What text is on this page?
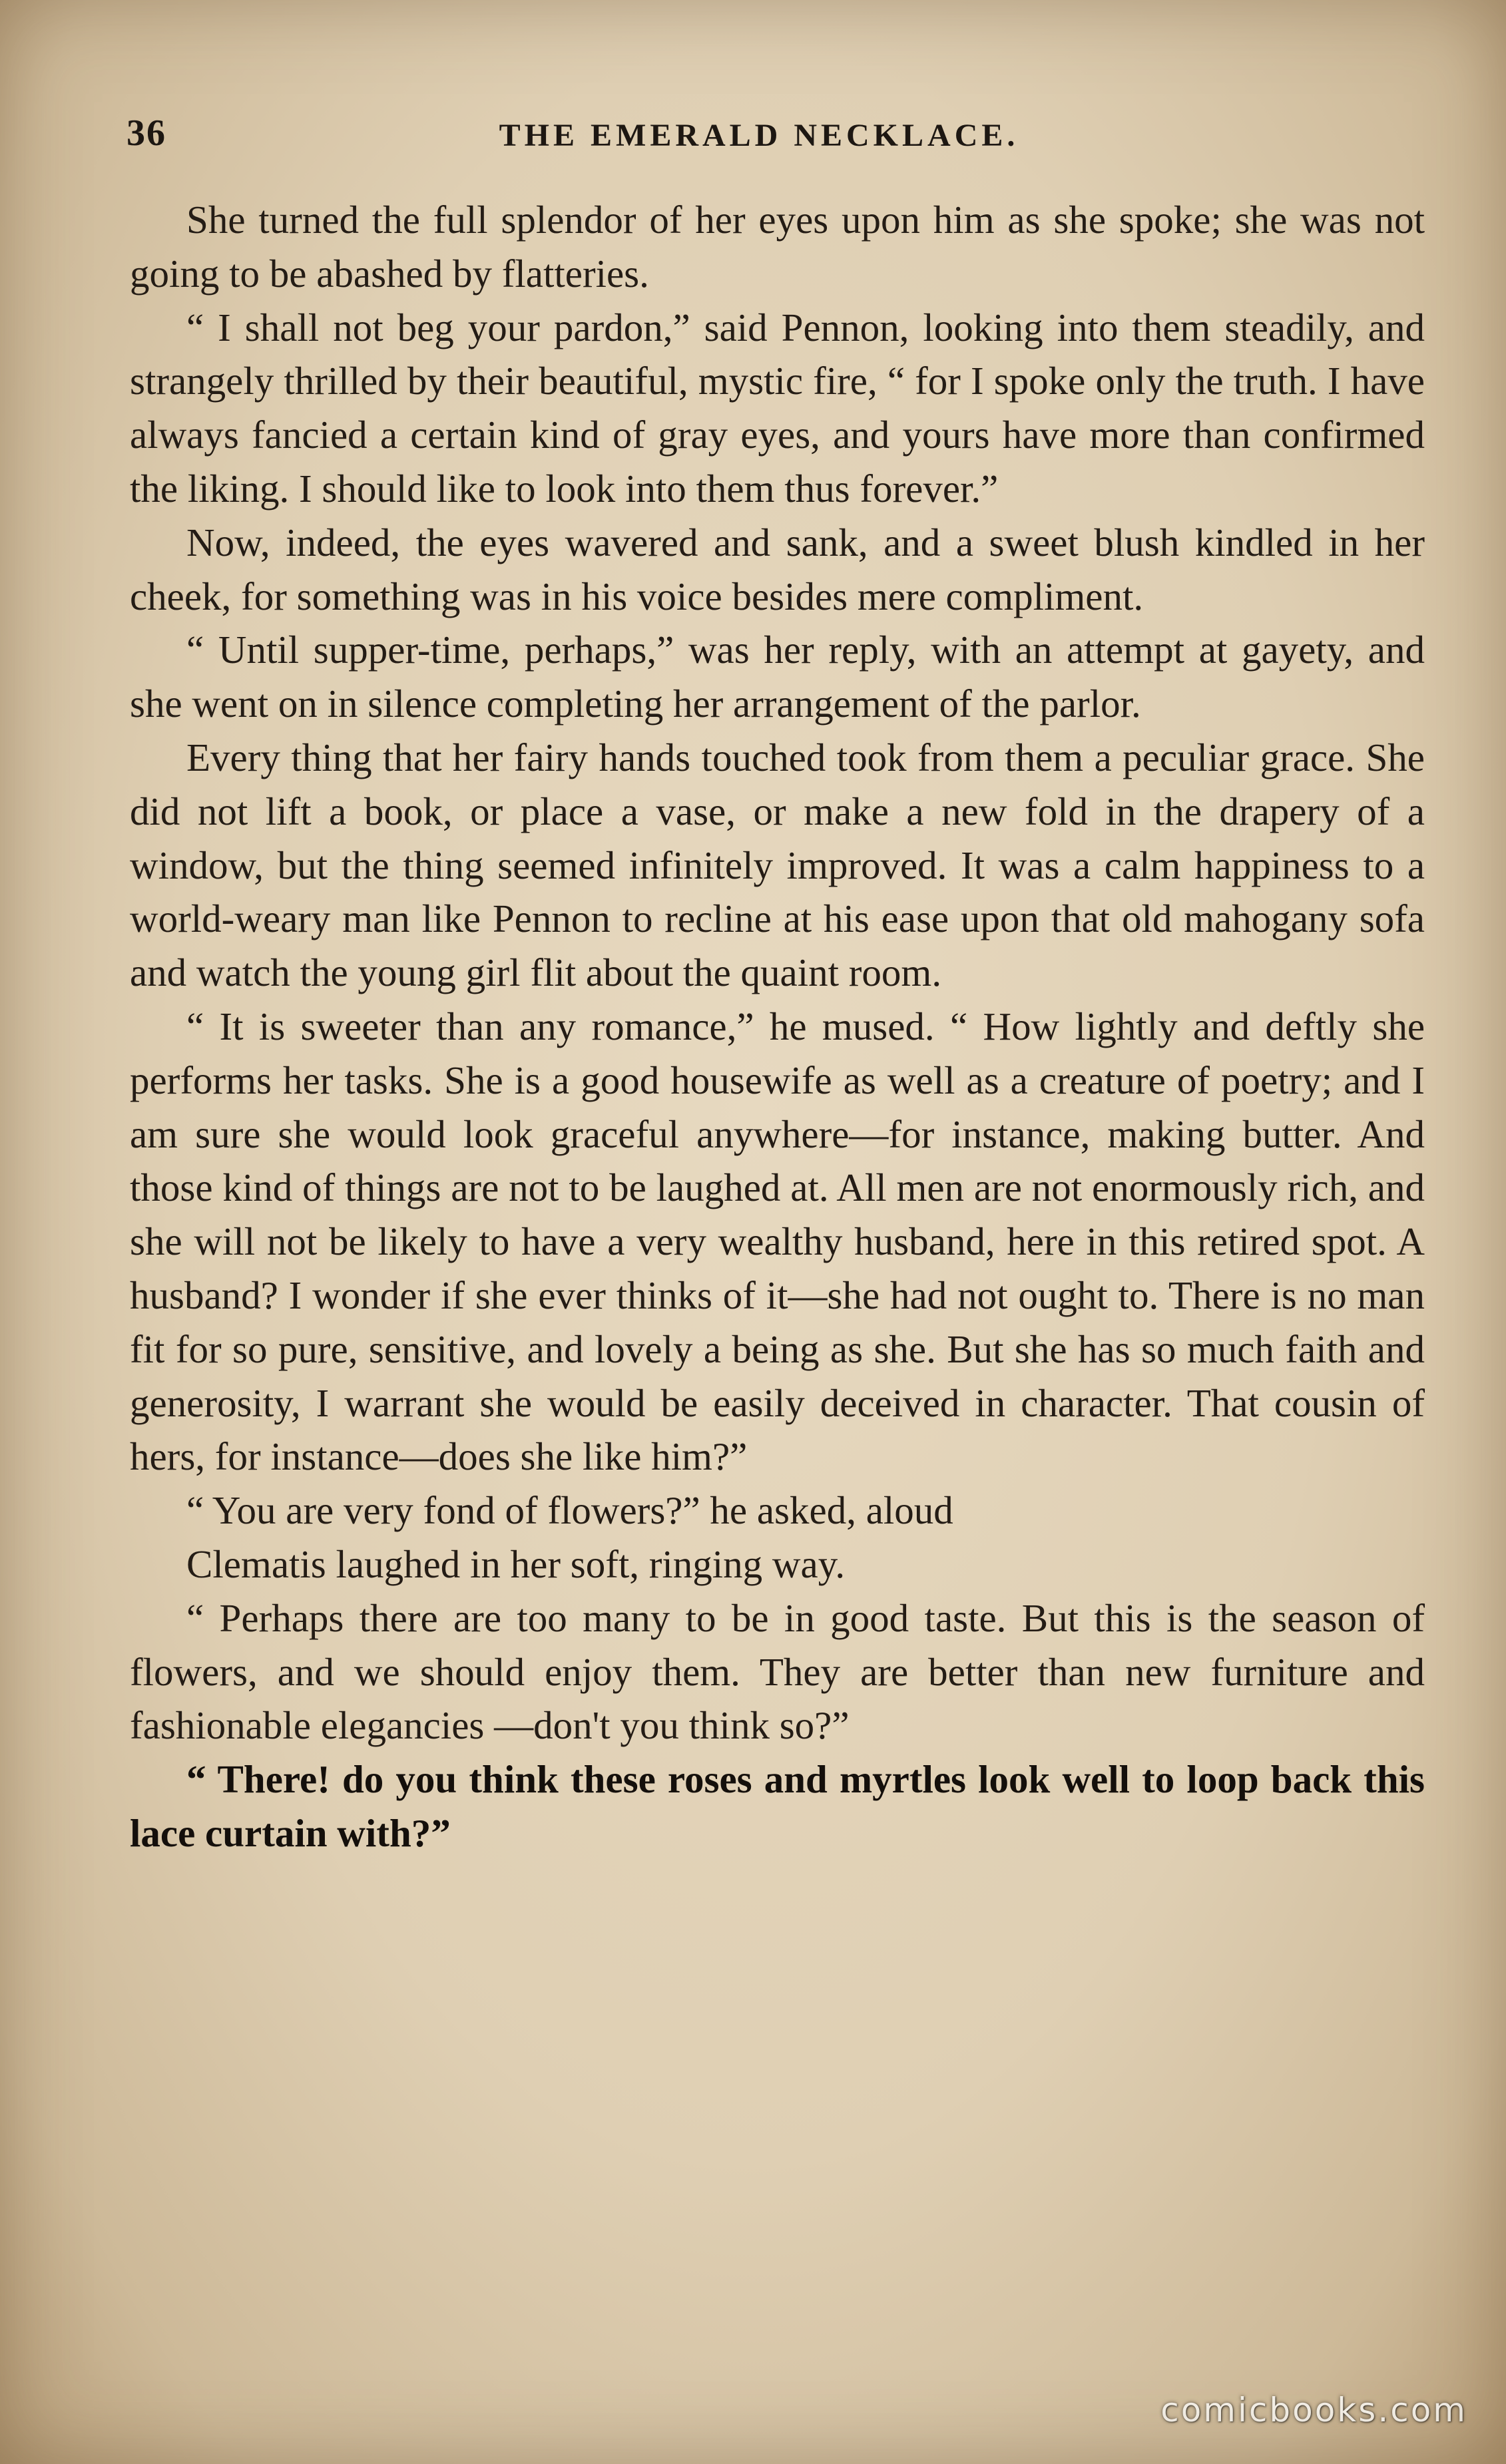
36	THE EMERALD NECKLACE.

She turned the full splendor of her eyes upon him as she spoke; she was not going to be abashed by flatteries.

“ I shall not beg your pardon,” said Pennon, looking into them steadily, and strangely thrilled by their beautiful, mystic fire, “ for I spoke only the truth. I have always fancied a certain kind of gray eyes, and yours have more than confirmed the liking. I should like to look into them thus forever.”

Now, indeed, the eyes wavered and sank, and a sweet blush kindled in her cheek, for something was in his voice besides mere compliment.

“ Until supper-time, perhaps,” was her reply, with an attempt at gayety, and she went on in silence completing her arrangement of the parlor.

Every thing that her fairy hands touched took from them a peculiar grace. She did not lift a book, or place a vase, or make a new fold in the drapery of a window, but the thing seemed infinitely improved. It was a calm happiness to a world-weary man like Pennon to recline at his ease upon that old mahogany sofa and watch the young girl flit about the quaint room.

“ It is sweeter than any romance,” he mused. “ How lightly and deftly she performs her tasks. She is a good housewife as well as a creature of poetry; and I am sure she would look graceful anywhere—for instance, making butter. And those kind of things are not to be laughed at. All men are not enormously rich, and she will not be likely to have a very wealthy husband, here in this retired spot. A husband? I wonder if she ever thinks of it—she had not ought to. There is no man fit for so pure, sensitive, and lovely a being as she. But she has so much faith and generosity, I warrant she would be easily deceived in character. That cousin of hers, for instance—does she like him?”

“ You are very fond of flowers?” he asked, aloud

Clematis laughed in her soft, ringing way.

“ Perhaps there are too many to be in good taste. But this is the season of flowers, and we should enjoy them. They are better than new furniture and fashionable elegancies —don't you think so?”

“ There! do you think these roses and myrtles look well to loop back this lace curtain with?”

comicbooks.com
